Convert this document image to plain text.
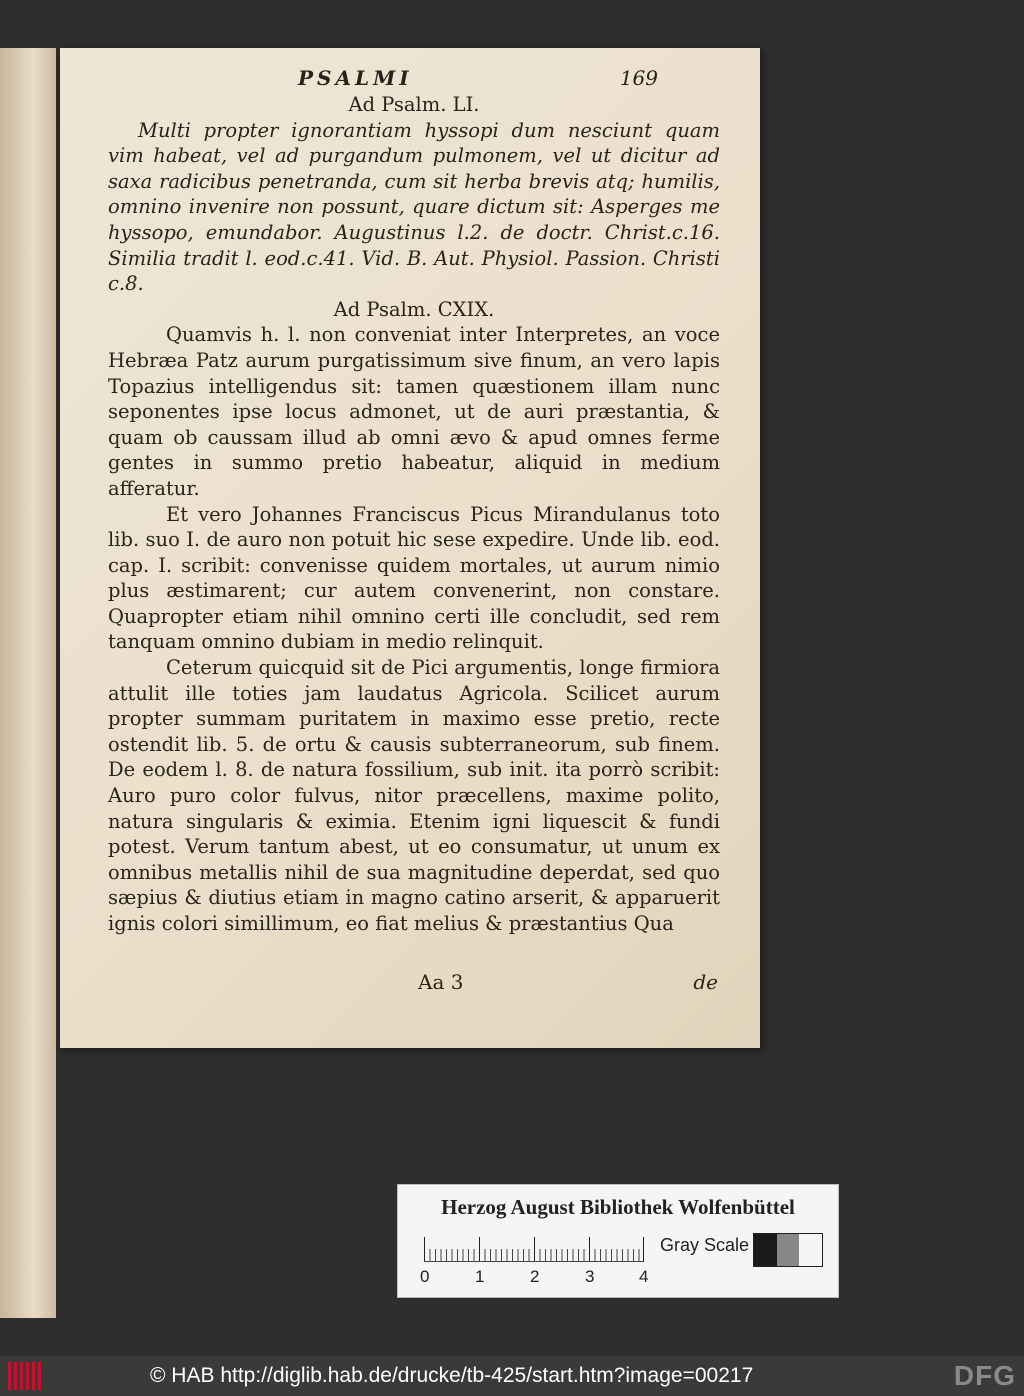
PSALMI	169

Ad Psalm. LI.

Multi propter ignorantiam hyssopi dum nesciunt quam vim habeat, vel ad purgandum pulmonem, vel ut dicitur ad saxa radicibus penetranda, cum sit herba brevis atq; humilis, omnino invenire non possunt, quare dictum sit: Asperges me hyssopo, emundabor. Augustinus l.2. de doctr. Christ.c.16. Similia tradit l. eod.c.41. Vid. B. Aut. Physiol. Passion. Christi c.8.

Ad Psalm. CXIX.

Quamvis h. l. non conveniat inter Interpretes, an voce Hebræa Patz aurum purgatissimum sive finum, an vero lapis Topazius intelligendus sit: tamen quæstionem illam nunc seponentes ipse locus admonet, ut de auri præstantia, & quam ob caussam illud ab omni ævo & apud omnes ferme gentes in summo pretio habeatur, aliquid in medium afferatur.

Et vero Johannes Franciscus Picus Mirandulanus toto lib. suo I. de auro non potuit hic sese expedire. Unde lib. eod. cap. I. scribit: convenisse quidem mortales, ut aurum nimio plus æstimarent; cur autem convenerint, non constare. Quapropter etiam nihil omnino certi ille concludit, sed rem tanquam omnino dubiam in medio relinquit.

Ceterum quicquid sit de Pici argumentis, longe firmiora attulit ille toties jam laudatus Agricola. Scilicet aurum propter summam puritatem in maximo esse pretio, recte ostendit lib. 5. de ortu & causis subterraneorum, sub finem. De eodem l. 8. de natura fossilium, sub init. ita porrò scribit: Auro puro color fulvus, nitor præcellens, maxime polito, natura singularis & eximia. Etenim igni liquescit & fundi potest. Verum tantum abest, ut eo consumatur, ut unum ex omnibus metallis nihil de sua magnitudine deperdat, sed quo sæpius & diutius etiam in magno catino arserit, & apparuerit ignis colori simillimum, eo fiat melius & præstantius Qua

Aa 3	de
Herzog August Bibliothek Wolfenbüttel
0	1	2	3	4
Gray Scale
© HAB http://diglib.hab.de/drucke/tb-425/start.htm?image=00217	DFG
